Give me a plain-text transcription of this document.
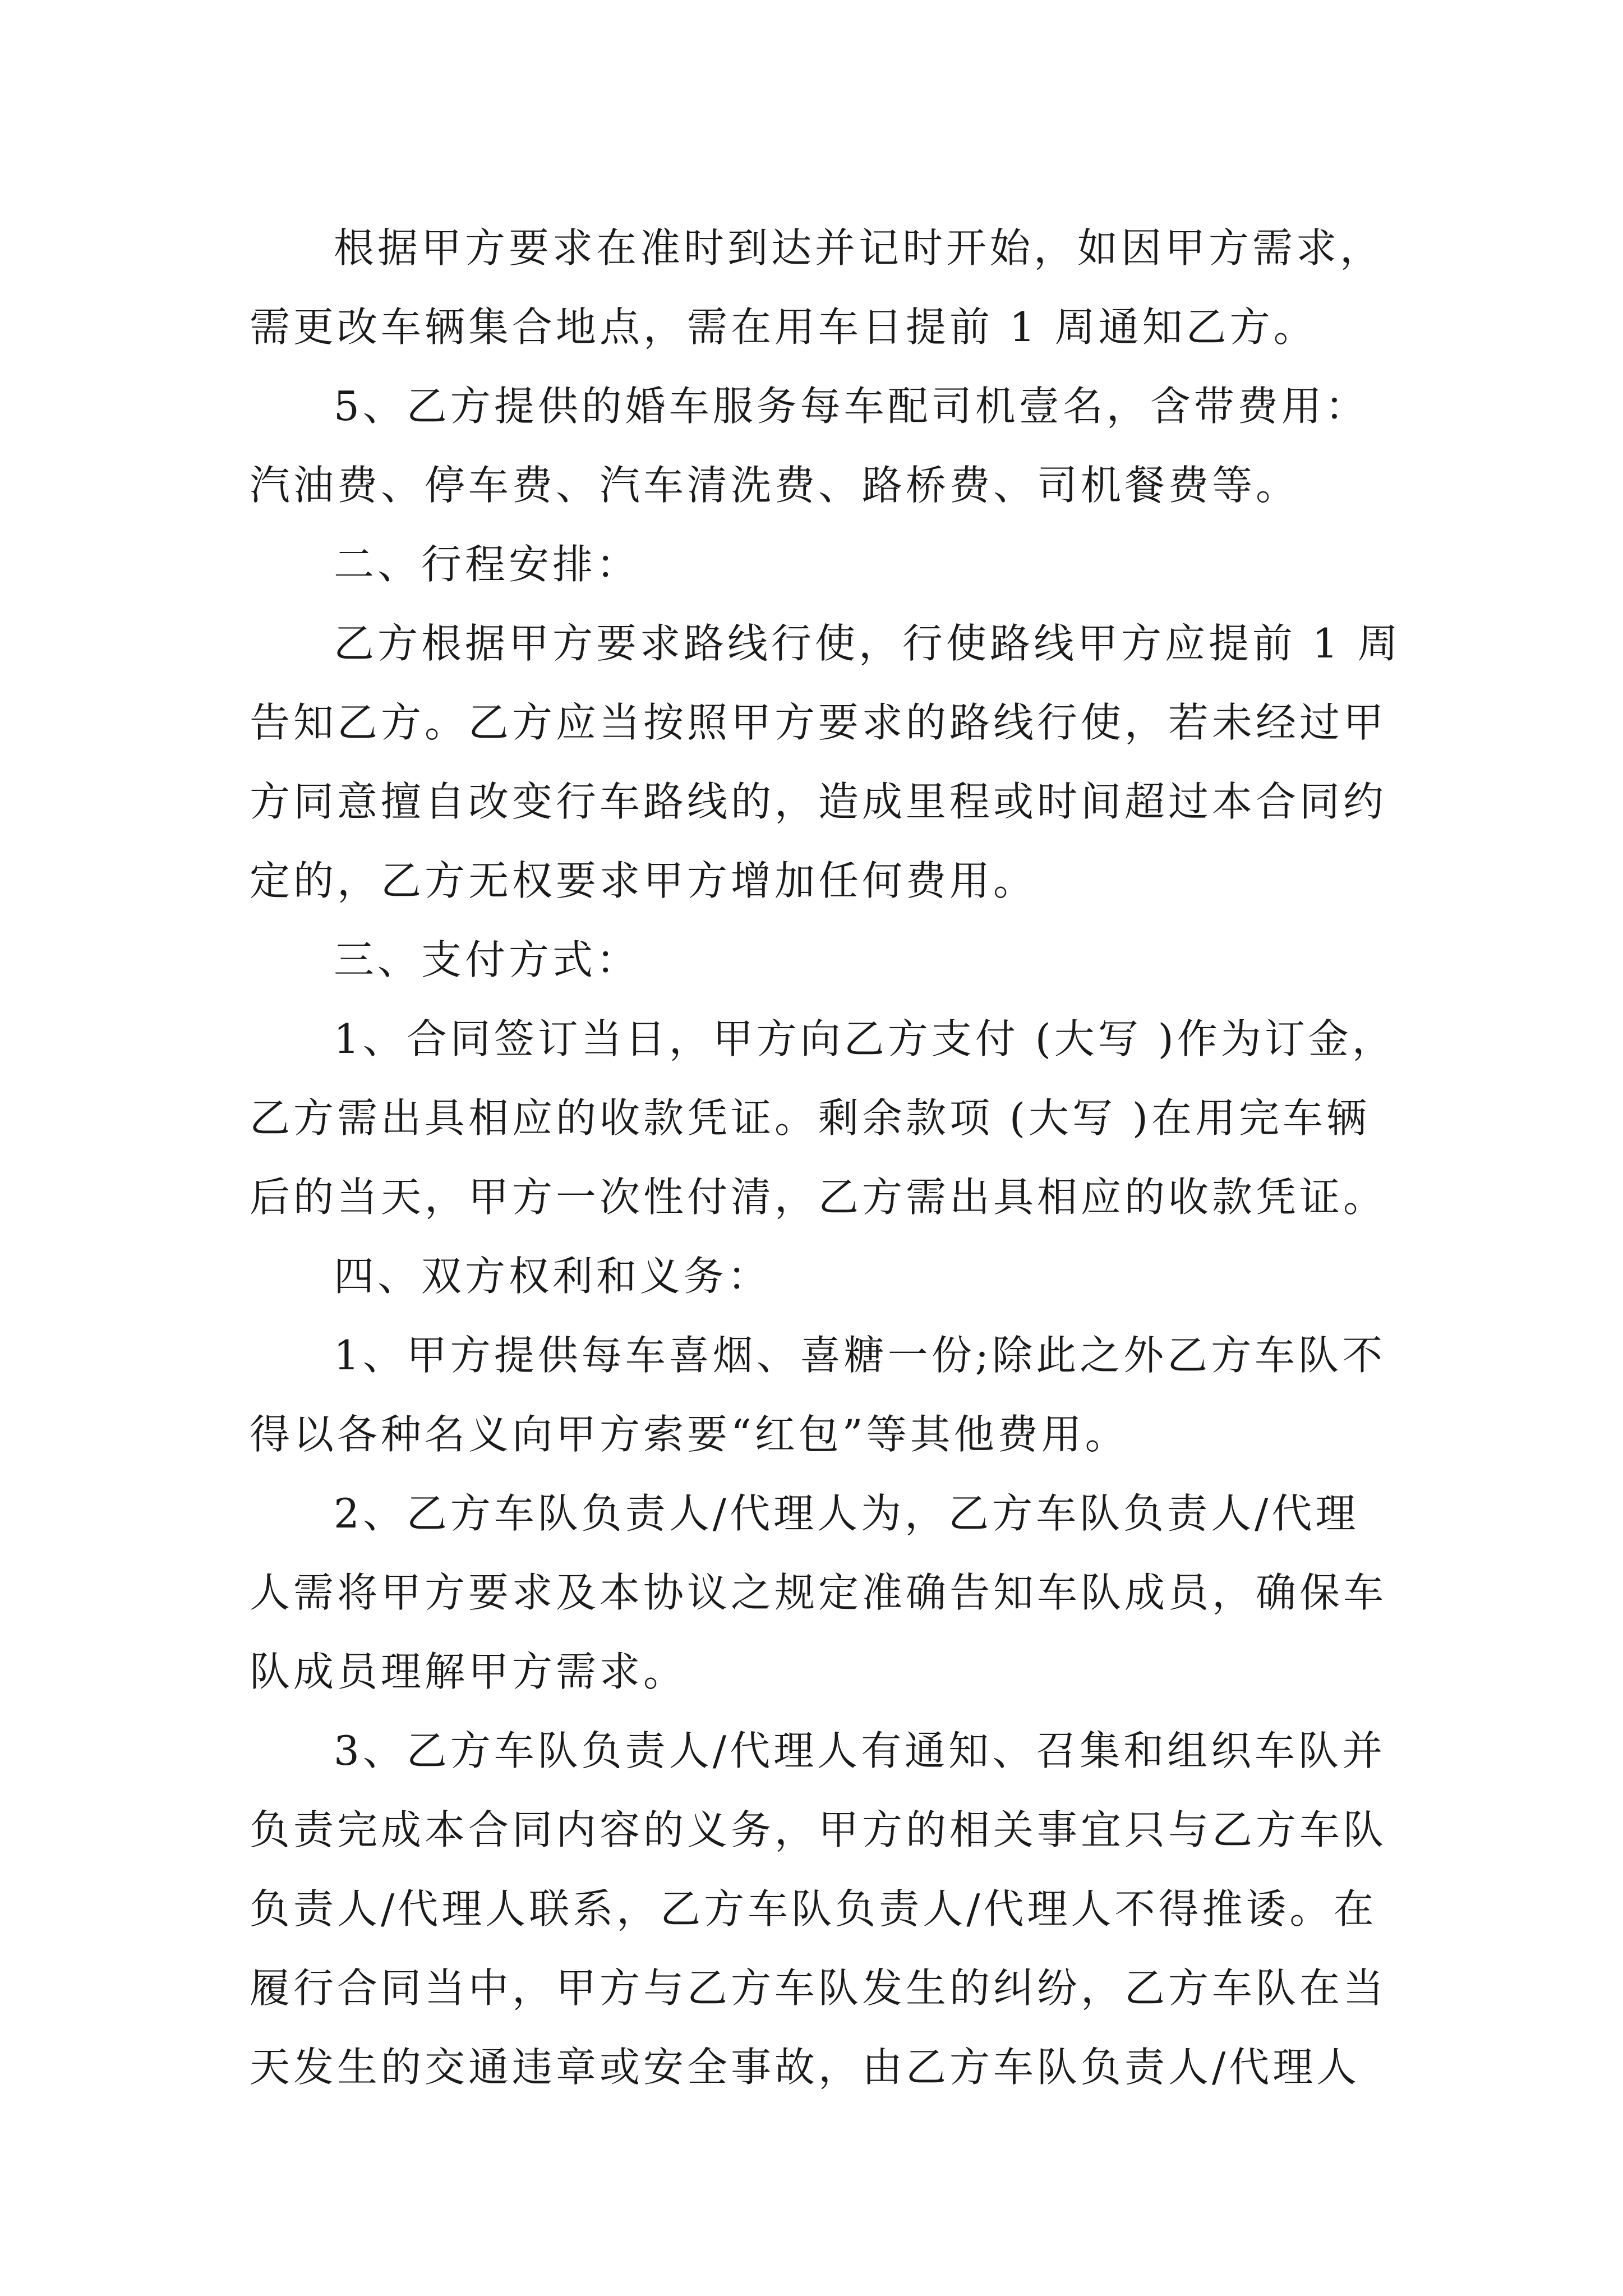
根据甲方要求在准时到达并记时开始，如因甲方需求，
需更改车辆集合地点，需在用车日提前 1 周通知乙方。
5、乙方提供的婚车服务每车配司机壹名，含带费用：
汽油费、停车费、汽车清洗费、路桥费、司机餐费等。
二、行程安排：
乙方根据甲方要求路线行使，行使路线甲方应提前 1 周
告知乙方。乙方应当按照甲方要求的路线行使，若未经过甲
方同意擅自改变行车路线的，造成里程或时间超过本合同约
定的，乙方无权要求甲方增加任何费用。
三、支付方式：
1、合同签订当日，甲方向乙方支付 (大写 )作为订金，
乙方需出具相应的收款凭证。剩余款项 (大写 )在用完车辆
后的当天，甲方一次性付清，乙方需出具相应的收款凭证。
四、双方权利和义务：
1、甲方提供每车喜烟、喜糖一份;除此之外乙方车队不
得以各种名义向甲方索要“红包”等其他费用。
2、乙方车队负责人/代理人为，乙方车队负责人/代理
人需将甲方要求及本协议之规定准确告知车队成员，确保车
队成员理解甲方需求。
3、乙方车队负责人/代理人有通知、召集和组织车队并
负责完成本合同内容的义务，甲方的相关事宜只与乙方车队
负责人/代理人联系，乙方车队负责人/代理人不得推诿。在
履行合同当中，甲方与乙方车队发生的纠纷，乙方车队在当
天发生的交通违章或安全事故，由乙方车队负责人/代理人
